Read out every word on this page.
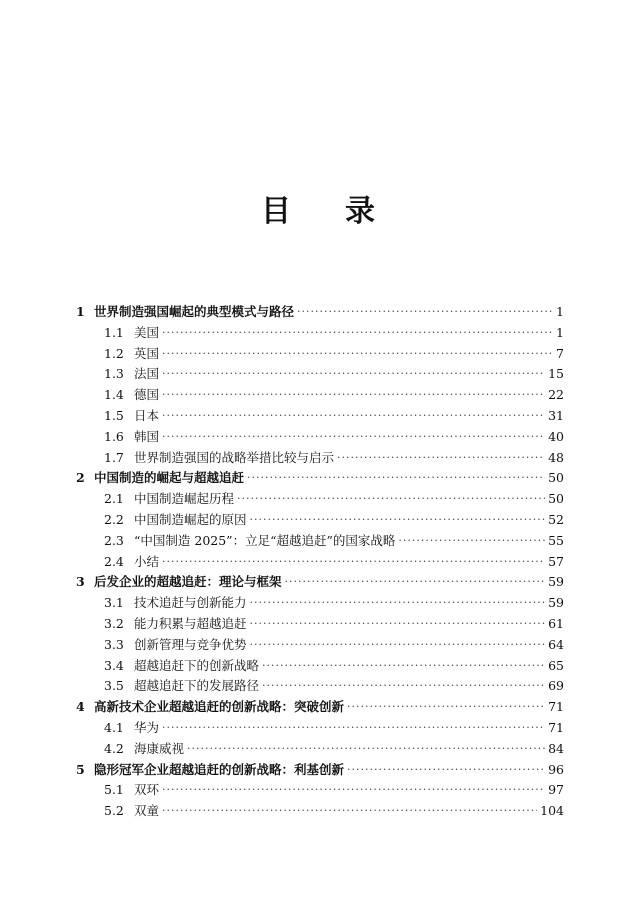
目 录
1 世界制造强国崛起的典型模式与路径 ·····	1
1.1 美国 ·····	1
1.2 英国 ·····	7
1.3 法国 ·····	15
1.4 德国 ·····	22
1.5 日本 ·····	31
1.6 韩国 ·····	40
1.7 世界制造强国的战略举措比较与启示 ·····	48
2 中国制造的崛起与超越追赶 ·····	50
2.1 中国制造崛起历程 ·····	50
2.2 中国制造崛起的原因 ·····	52
2.3 “中国制造 2025”：立足“超越追赶”的国家战略 ·····	55
2.4 小结 ·····	57
3 后发企业的超越追赶：理论与框架 ·····	59
3.1 技术追赶与创新能力 ·····	59
3.2 能力积累与超越追赶 ·····	61
3.3 创新管理与竞争优势 ·····	64
3.4 超越追赶下的创新战略 ·····	65
3.5 超越追赶下的发展路径 ·····	69
4 高新技术企业超越追赶的创新战略：突破创新 ·····	71
4.1 华为 ·····	71
4.2 海康威视 ·····	84
5 隐形冠军企业超越追赶的创新战略：利基创新 ·····	96
5.1 双环 ·····	97
5.2 双童 ·····	104
